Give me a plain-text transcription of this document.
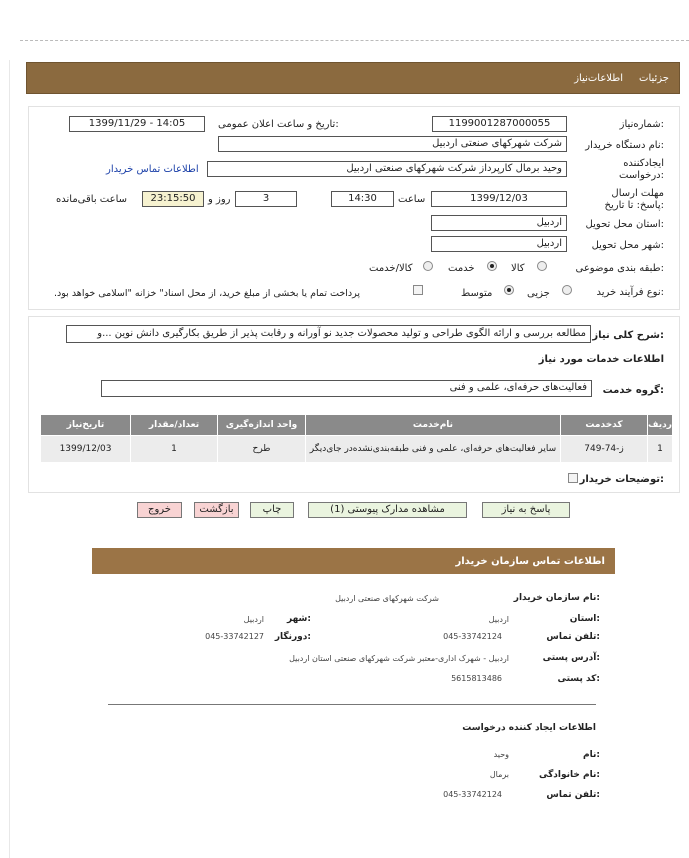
جزئیات
اطلاعات‌نیاز
شماره‌نیاز:
1199001287000055
تاریخ و ساعت اعلان عمومی:
1399/11/29 - 14:05
نام دستگاه خریدار:
شرکت شهرکهای صنعتی اردبیل
ایجادکننده درخواست:
وحید برمال کارپرداز شرکت شهرکهای صنعتی اردبیل
اطلاعات تماس خریدار
مهلت ارسال پاسخ: تا تاریخ:
1399/12/03
ساعت
14:30
3
روز و
23:15:50
ساعت باقی‌مانده
استان محل تحویل:
اردبیل
شهر محل تحویل:
اردبیل
طبقه بندی موضوعی:
کالا
خدمت
کالا/خدمت
نوع فرآیند خرید:
جزیی
متوسط
پرداخت تمام یا بخشی از مبلغ خرید، از محل اسناد" خزانه "اسلامی خواهد بود.
شرح کلی نیاز:
مطالعه بررسی و ارائه الگوی طراحی و تولید محصولات جدید نو آورانه و رقابت پذیر از طریق بکارگیری دانش نوین ...و
اطلاعات خدمات مورد نیاز
گروه خدمت:
فعالیت‌های حرفه‌ای، علمی و فنی
تاریخ‌نیاز	تعداد/مقدار	واحد اندازه‌گیری	نام‌خدمت	کدخدمت	ردیف
1399/12/03	1	طرح	سایر فعالیت‌های حرفه‌ای، علمی و فنی طبقه‌بندی‌نشده‌در جای‌دیگر	ز-74-749	1
توضیحات خریدار:
پاسخ به نیاز
مشاهده مدارک پیوستی (1)
چاپ
بازگشت
خروج
اطلاعات تماس سازمان خریدار
نام سازمان خریدار:
شرکت شهرکهای صنعتی اردبیل
استان:
اردبیل
شهر:
اردبیل
تلفن تماس:
045-33742124
دورنگار:
045-33742127
آدرس پستی:
اردبیل - شهرک اداری-معتبر شرکت شهرکهای صنعتی استان اردبیل
کد پستی:
5615813486
اطلاعات ایجاد کننده درخواست
نام:
وحید
نام خانوادگی:
برمال
تلفن تماس:
045-33742124
